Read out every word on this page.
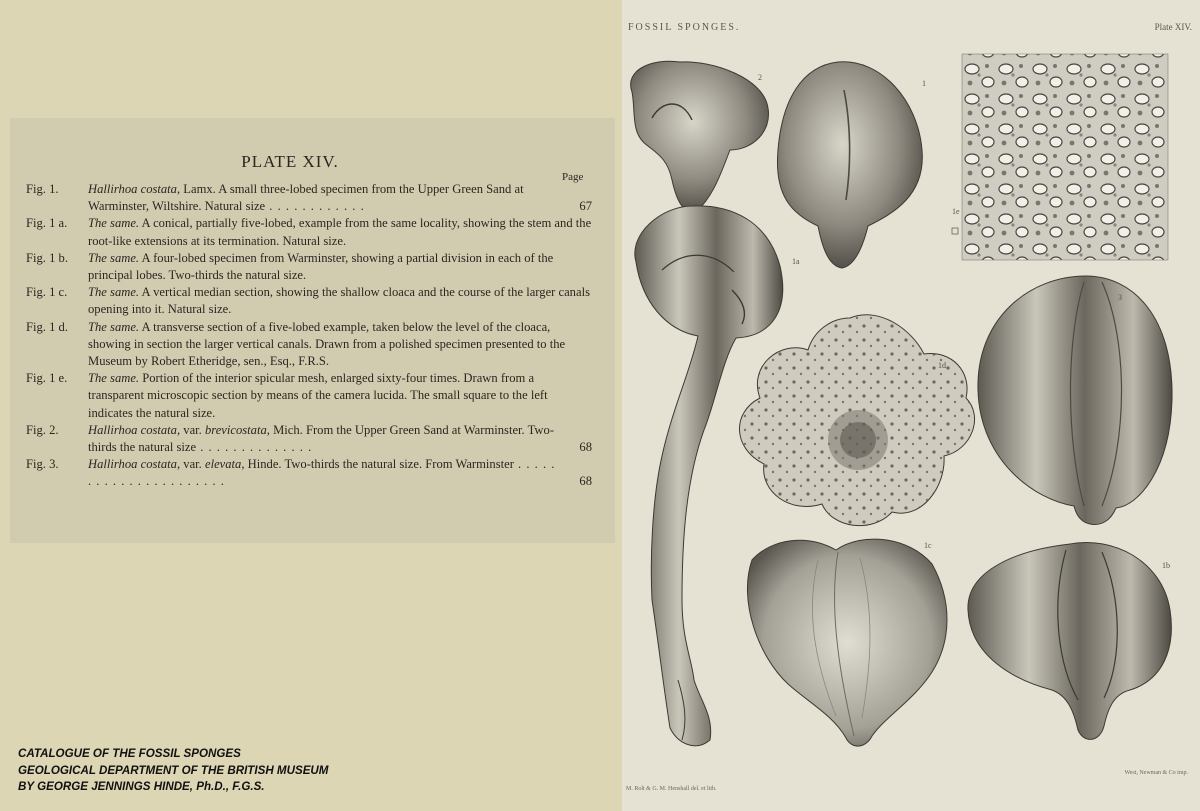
PLATE XIV.
Page
Fig. 1. Hallirhoa costata, Lamx. A small three-lobed specimen from the Upper Green Sand at Warminster, Wiltshire. Natural size . . . . . . . . . . . .	67
Fig. 1 a. The same. A conical, partially five-lobed, example from the same locality, showing the stem and the root-like extensions at its termination. Natural size.
Fig. 1 b. The same. A four-lobed specimen from Warminster, showing a partial division in each of the principal lobes. Two-thirds the natural size.
Fig. 1 c. The same. A vertical median section, showing the shallow cloaca and the course of the larger canals opening into it. Natural size.
Fig. 1 d. The same. A transverse section of a five-lobed example, taken below the level of the cloaca, showing in section the larger vertical canals. Drawn from a polished specimen presented to the Museum by Robert Etheridge, sen., Esq., F.R.S.
Fig. 1 e. The same. Portion of the interior spicular mesh, enlarged sixty-four times. Drawn from a transparent microscopic section by means of the camera lucida. The small square to the left indicates the natural size.
Fig. 2. Hallirhoa costata, var. brevicostata, Mich. From the Upper Green Sand at Warminster. Two-thirds the natural size . . . . . . . . . . . . . .	68
Fig. 3. Hallirhoa costata, var. elevata, Hinde. Two-thirds the natural size. From Warminster . . . . . . . . . . . . . . . . . . . . . .	68
CATALOGUE OF THE FOSSIL SPONGES
GEOLOGICAL DEPARTMENT OF THE BRITISH MUSEUM
BY GEORGE JENNINGS HINDE, Ph.D., F.G.S.
FOSSIL SPONGES.	Plate XIV.
2
1
1e
1a
1d
3
1c
1b
M. Rolt & G. M. Henshall del. et lith.
West, Newman & Co imp.
